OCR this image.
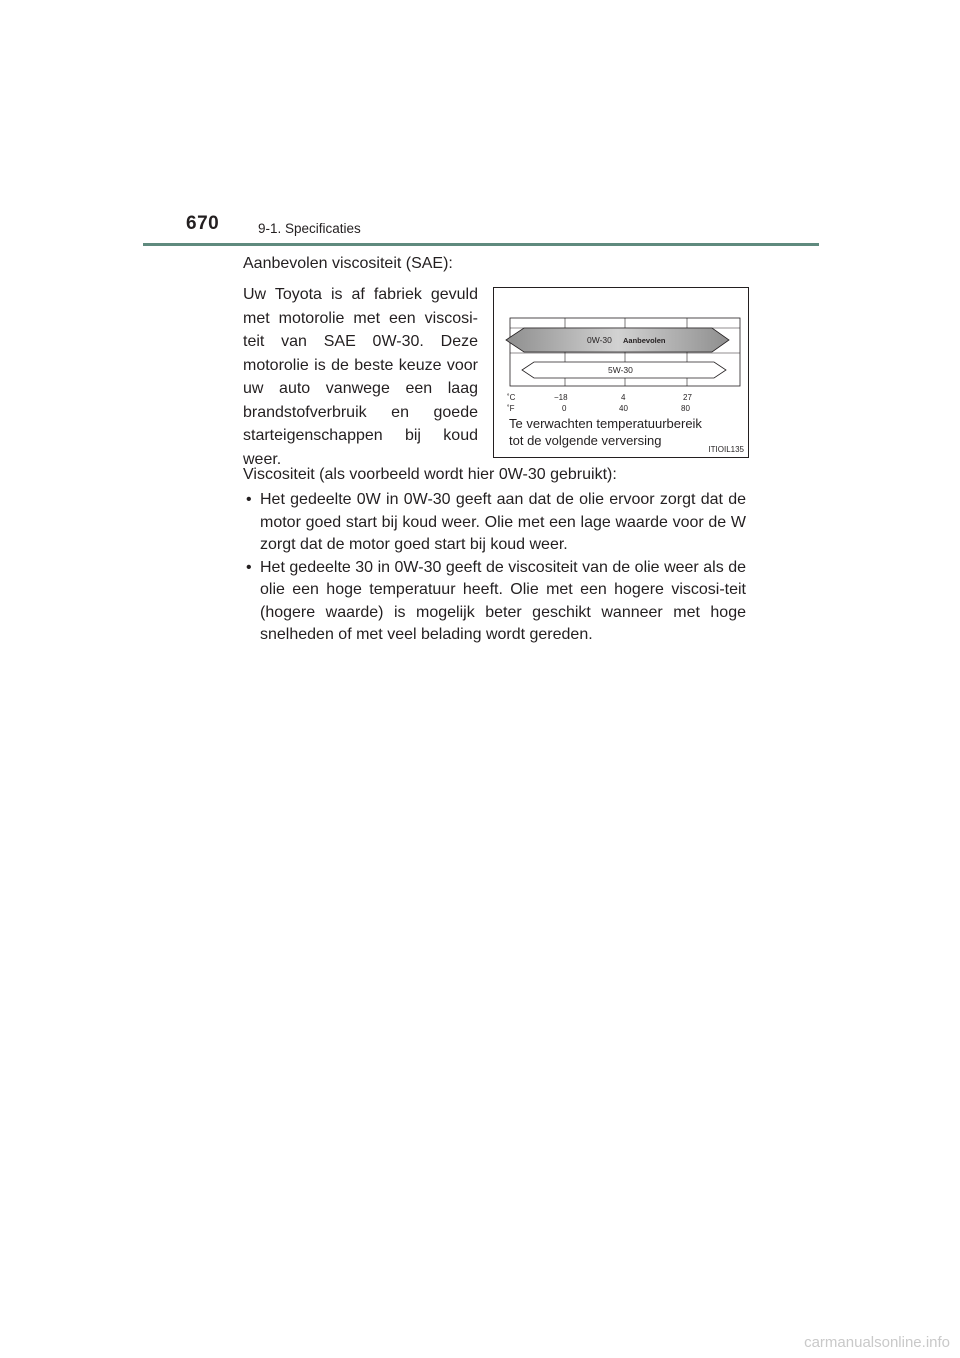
670	9-1. Specificaties
Aanbevolen viscositeit (SAE):
Uw Toyota is af fabriek gevuld met motorolie met een viscosi-teit van SAE 0W-30. Deze motorolie is de beste keuze voor uw auto vanwege een laag brandstofverbruik en goede starteigenschappen bij koud weer.
0W-30 Aanbevolen
5W-30
˚C
˚F
−18	4	27
0	40	80
Te verwachten temperatuurbereik
tot de volgende verversing
ITIOIL135
Viscositeit (als voorbeeld wordt hier 0W-30 gebruikt):
• Het gedeelte 0W in 0W-30 geeft aan dat de olie ervoor zorgt dat de motor goed start bij koud weer. Olie met een lage waarde voor de W zorgt dat de motor goed start bij koud weer.
• Het gedeelte 30 in 0W-30 geeft de viscositeit van de olie weer als de olie een hoge temperatuur heeft. Olie met een hogere viscosi-teit (hogere waarde) is mogelijk beter geschikt wanneer met hoge snelheden of met veel belading wordt gereden.
carmanualsonline.info
